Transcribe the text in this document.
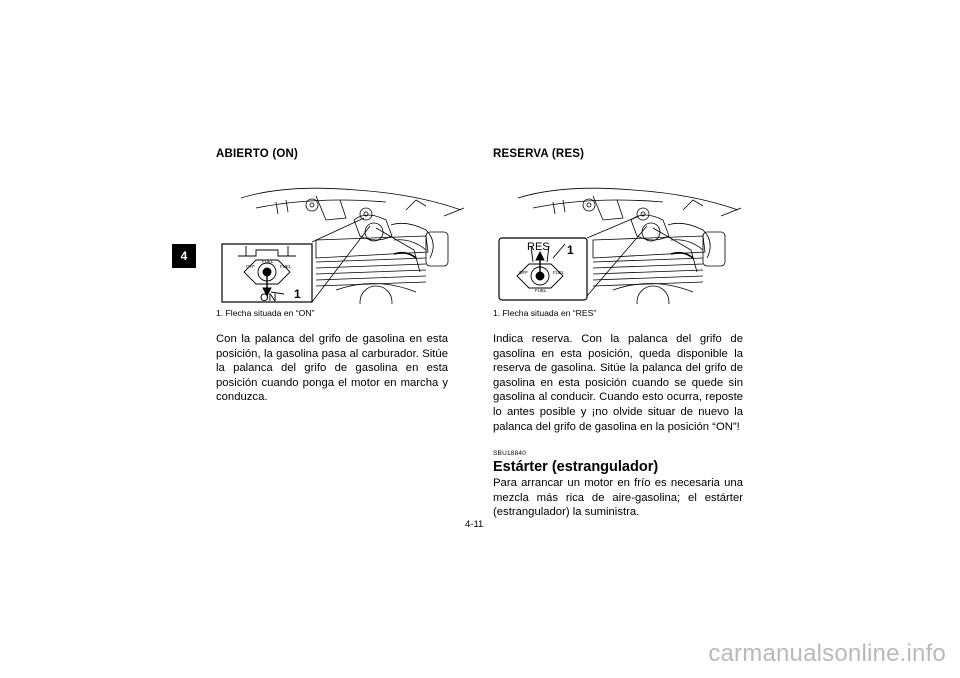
4
ABIERTO (ON)
OFF
FUEL
FUEL
ON 1
1. Flecha situada en “ON”
Con la palanca del grifo de gasolina en esta posición, la gasolina pasa al carburador. Sitúe la palanca del grifo de gasolina en esta posición cuando ponga el motor en marcha y conduzca.
RESERVA (RES)
OFF	FUEL
FUEL
RES 1
1. Flecha situada en “RES”
Indica reserva. Con la palanca del grifo de gasolina en esta posición, queda disponible la reserva de gasolina. Sitúe la palanca del grifo de gasolina en esta posición cuando se quede sin gasolina al conducir. Cuando esto ocurra, reposte lo antes posible y ¡no olvide situar de nuevo la palanca del grifo de gasolina en la posición “ON”!
SBU18840
Estárter (estrangulador)
Para arrancar un motor en frío es necesaria una mezcla más rica de aire-gasolina; el estárter (estrangulador) la suministra.
4-11
carmanualsonline.info
